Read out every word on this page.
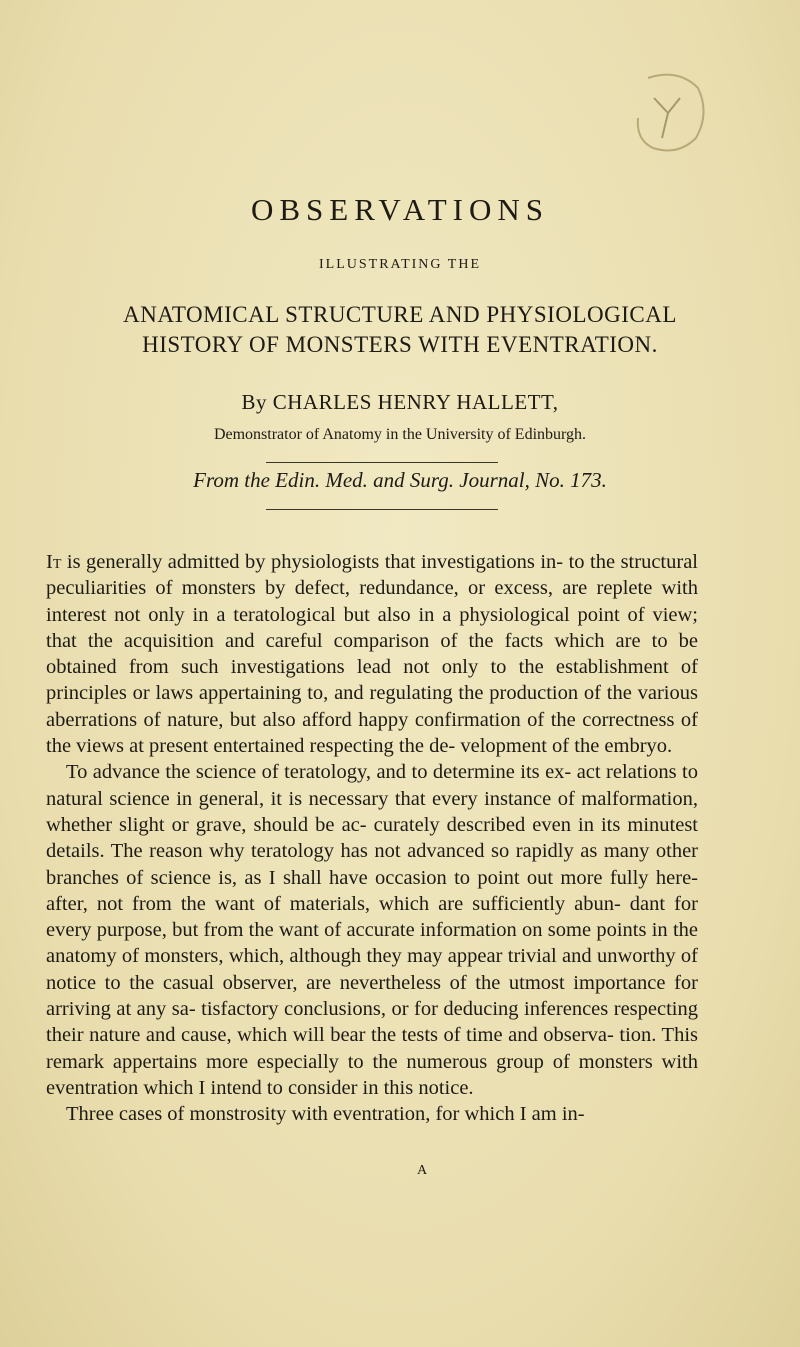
OBSERVATIONS
ILLUSTRATING THE
ANATOMICAL STRUCTURE AND PHYSIOLOGICAL
HISTORY OF MONSTERS WITH EVENTRATION.
By CHARLES HENRY HALLETT,
Demonstrator of Anatomy in the University of Edinburgh.
From the Edin. Med. and Surg. Journal, No. 173.

It is generally admitted by physiologists that investigations in- to the structural peculiarities of monsters by defect, redundance, or excess, are replete with interest not only in a teratological but also in a physiological point of view; that the acquisition and careful comparison of the facts which are to be obtained from such investigations lead not only to the establishment of principles or laws appertaining to, and regulating the production of the various aberrations of nature, but also afford happy confirmation of the correctness of the views at present entertained respecting the de- velopment of the embryo.

To advance the science of teratology, and to determine its ex- act relations to natural science in general, it is necessary that every instance of malformation, whether slight or grave, should be ac- curately described even in its minutest details. The reason why teratology has not advanced so rapidly as many other branches of science is, as I shall have occasion to point out more fully here- after, not from the want of materials, which are sufficiently abun- dant for every purpose, but from the want of accurate information on some points in the anatomy of monsters, which, although they may appear trivial and unworthy of notice to the casual observer, are nevertheless of the utmost importance for arriving at any sa- tisfactory conclusions, or for deducing inferences respecting their nature and cause, which will bear the tests of time and observa- tion. This remark appertains more especially to the numerous group of monsters with eventration which I intend to consider in this notice.

Three cases of monstrosity with eventration, for which I am in-

A
